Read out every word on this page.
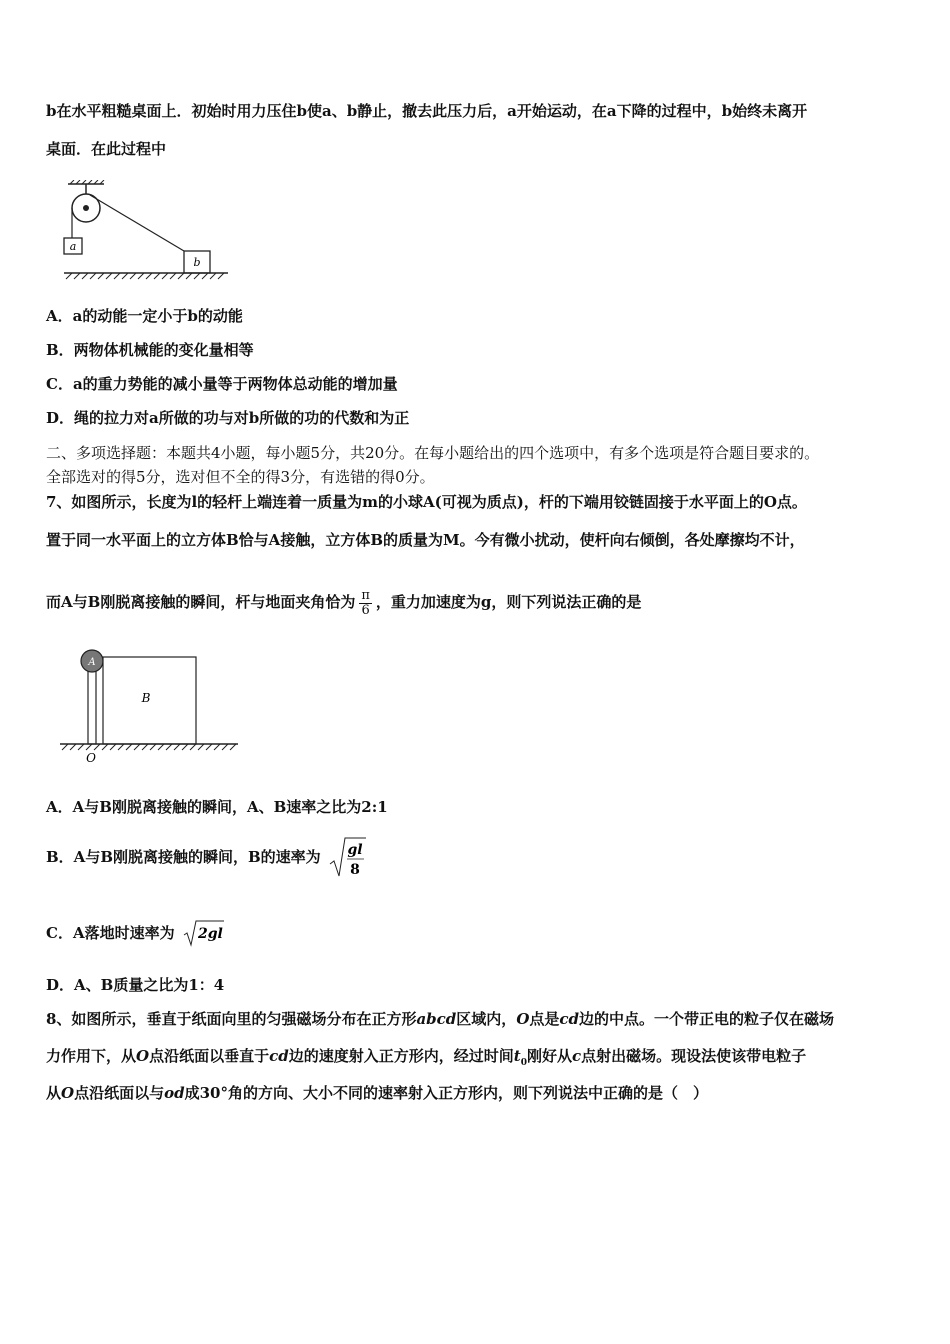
b在水平粗糙桌面上．初始时用力压住b使a、b静止，撤去此压力后，a开始运动，在a下降的过程中，b始终未离开
桌面．在此过程中
a
b
A．a的动能一定小于b的动能
B．两物体机械能的变化量相等
C．a的重力势能的减小量等于两物体总动能的增加量
D．绳的拉力对a所做的功与对b所做的功的代数和为正
二、多项选择题：本题共4小题，每小题5分，共20分。在每小题给出的四个选项中，有多个选项是符合题目要求的。
全部选对的得5分，选对但不全的得3分，有选错的得0分。
7、如图所示，长度为l的轻杆上端连着一质量为m的小球A(可视为质点)，杆的下端用铰链固接于水平面上的O点。
置于同一水平面上的立方体B恰与A接触，立方体B的质量为M。今有微小扰动，使杆向右倾倒，各处摩擦均不计，
而A与B刚脱离接触的瞬间，杆与地面夹角恰为 $\frac{\pi}{6}$ ，重力加速度为g，则下列说法正确的是
A
B
O
A．A与B刚脱离接触的瞬间，A、B速率之比为2:1
B．A与B刚脱离接触的瞬间，B的速率为 gl
8
C．A落地时速率为 2gl
D．A、B质量之比为1：4
8、如图所示，垂直于纸面向里的匀强磁场分布在正方形abcd区域内，O点是cd边的中点。一个带正电的粒子仅在磁场
力作用下，从O点沿纸面以垂直于cd边的速度射入正方形内，经过时间$t_0$刚好从c点射出磁场。现设法使该带电粒子
从O点沿纸面以与od成30°角的方向、大小不同的速率射入正方形内，则下列说法中正确的是（　）
